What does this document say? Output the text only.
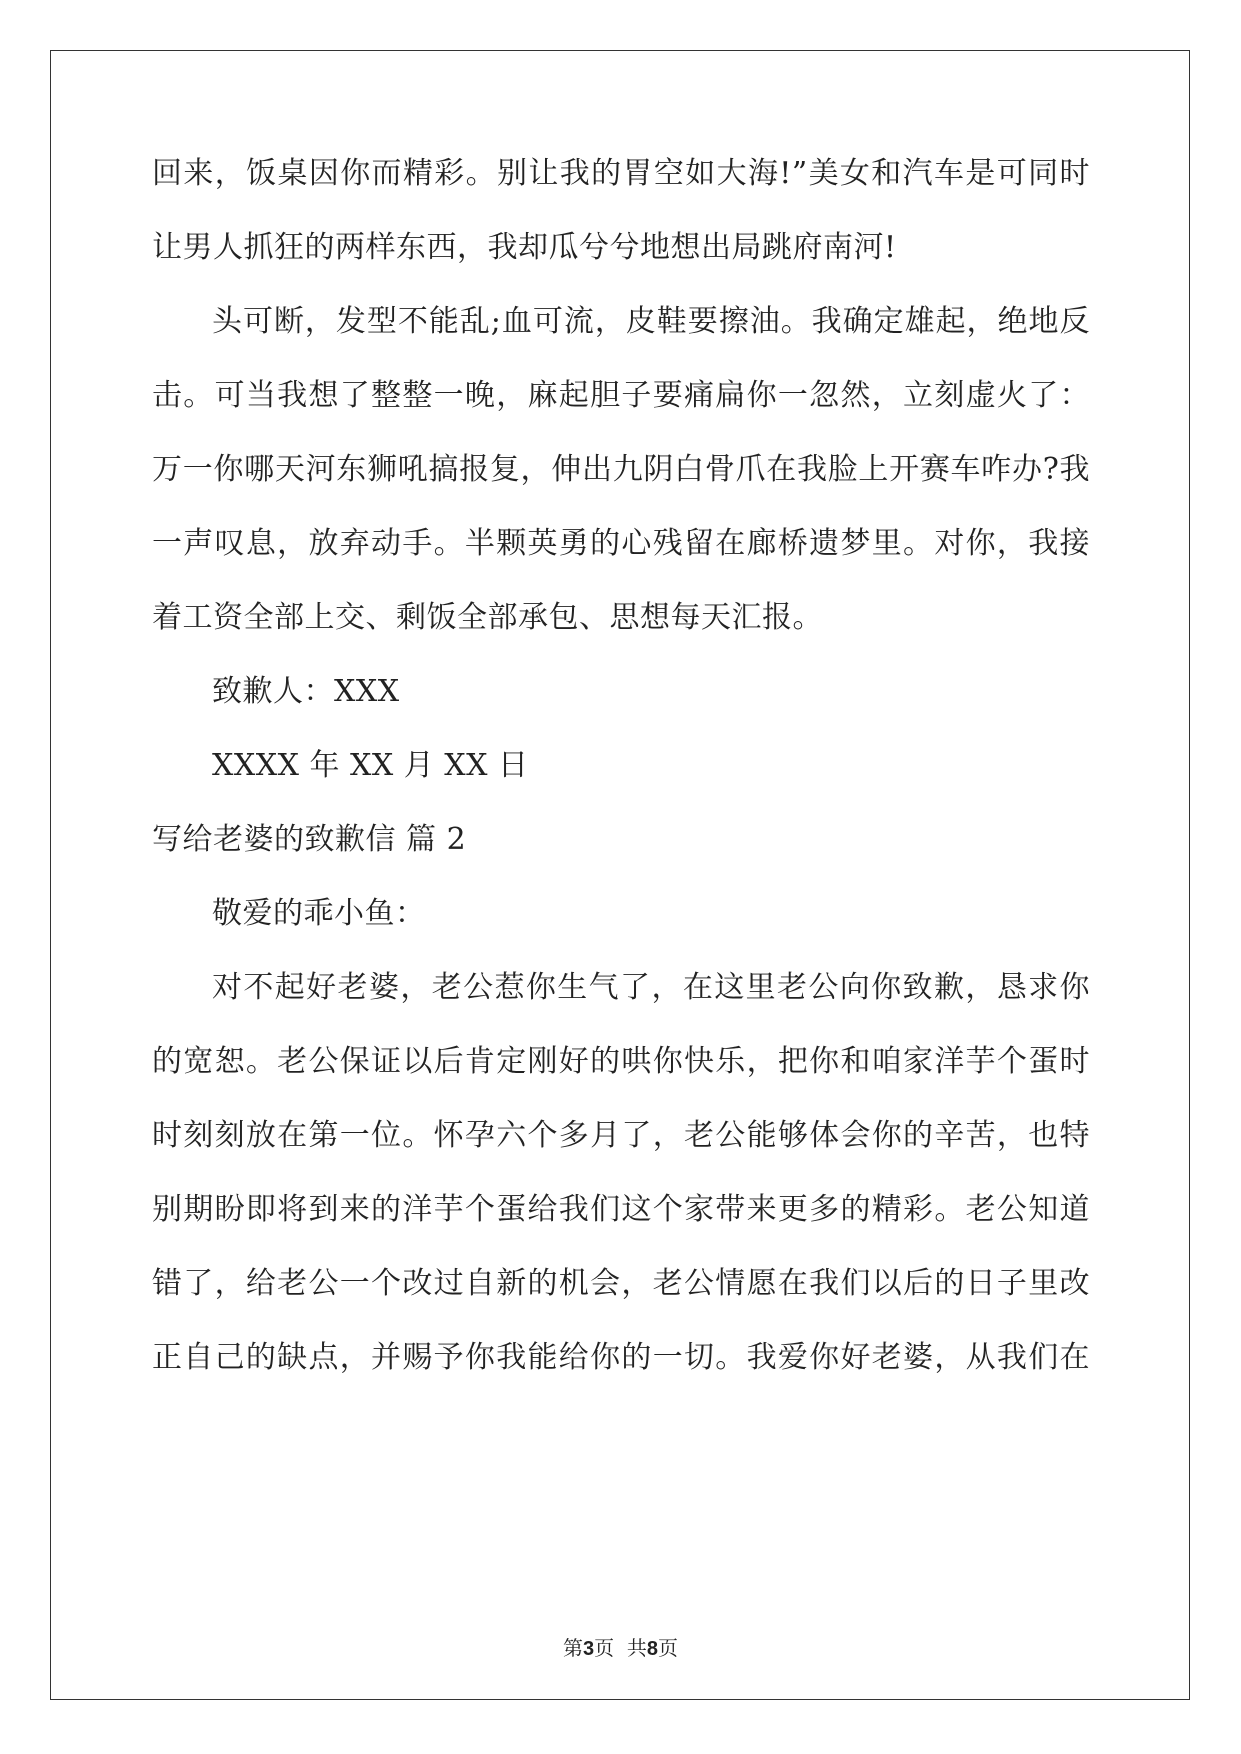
回来，饭桌因你而精彩。别让我的胃空如大海!”美女和汽车是可同时
让男人抓狂的两样东西，我却瓜兮兮地想出局跳府南河!
头可断，发型不能乱;血可流，皮鞋要擦油。我确定雄起，绝地反
击。可当我想了整整一晚，麻起胆子要痛扁你一忽然，立刻虚火了：
万一你哪天河东狮吼搞报复，伸出九阴白骨爪在我脸上开赛车咋办?我
一声叹息，放弃动手。半颗英勇的心残留在廊桥遗梦里。对你，我接
着工资全部上交、剩饭全部承包、思想每天汇报。
致歉人：XXX
XXXX 年 XX 月 XX 日
写给老婆的致歉信 篇 2
敬爱的乖小鱼：
对不起好老婆，老公惹你生气了，在这里老公向你致歉，恳求你
的宽恕。老公保证以后肯定刚好的哄你快乐，把你和咱家洋芋个蛋时
时刻刻放在第一位。怀孕六个多月了，老公能够体会你的辛苦，也特
别期盼即将到来的洋芋个蛋给我们这个家带来更多的精彩。老公知道
错了，给老公一个改过自新的机会，老公情愿在我们以后的日子里改
正自己的缺点，并赐予你我能给你的一切。我爱你好老婆，从我们在
第3页  共8页
